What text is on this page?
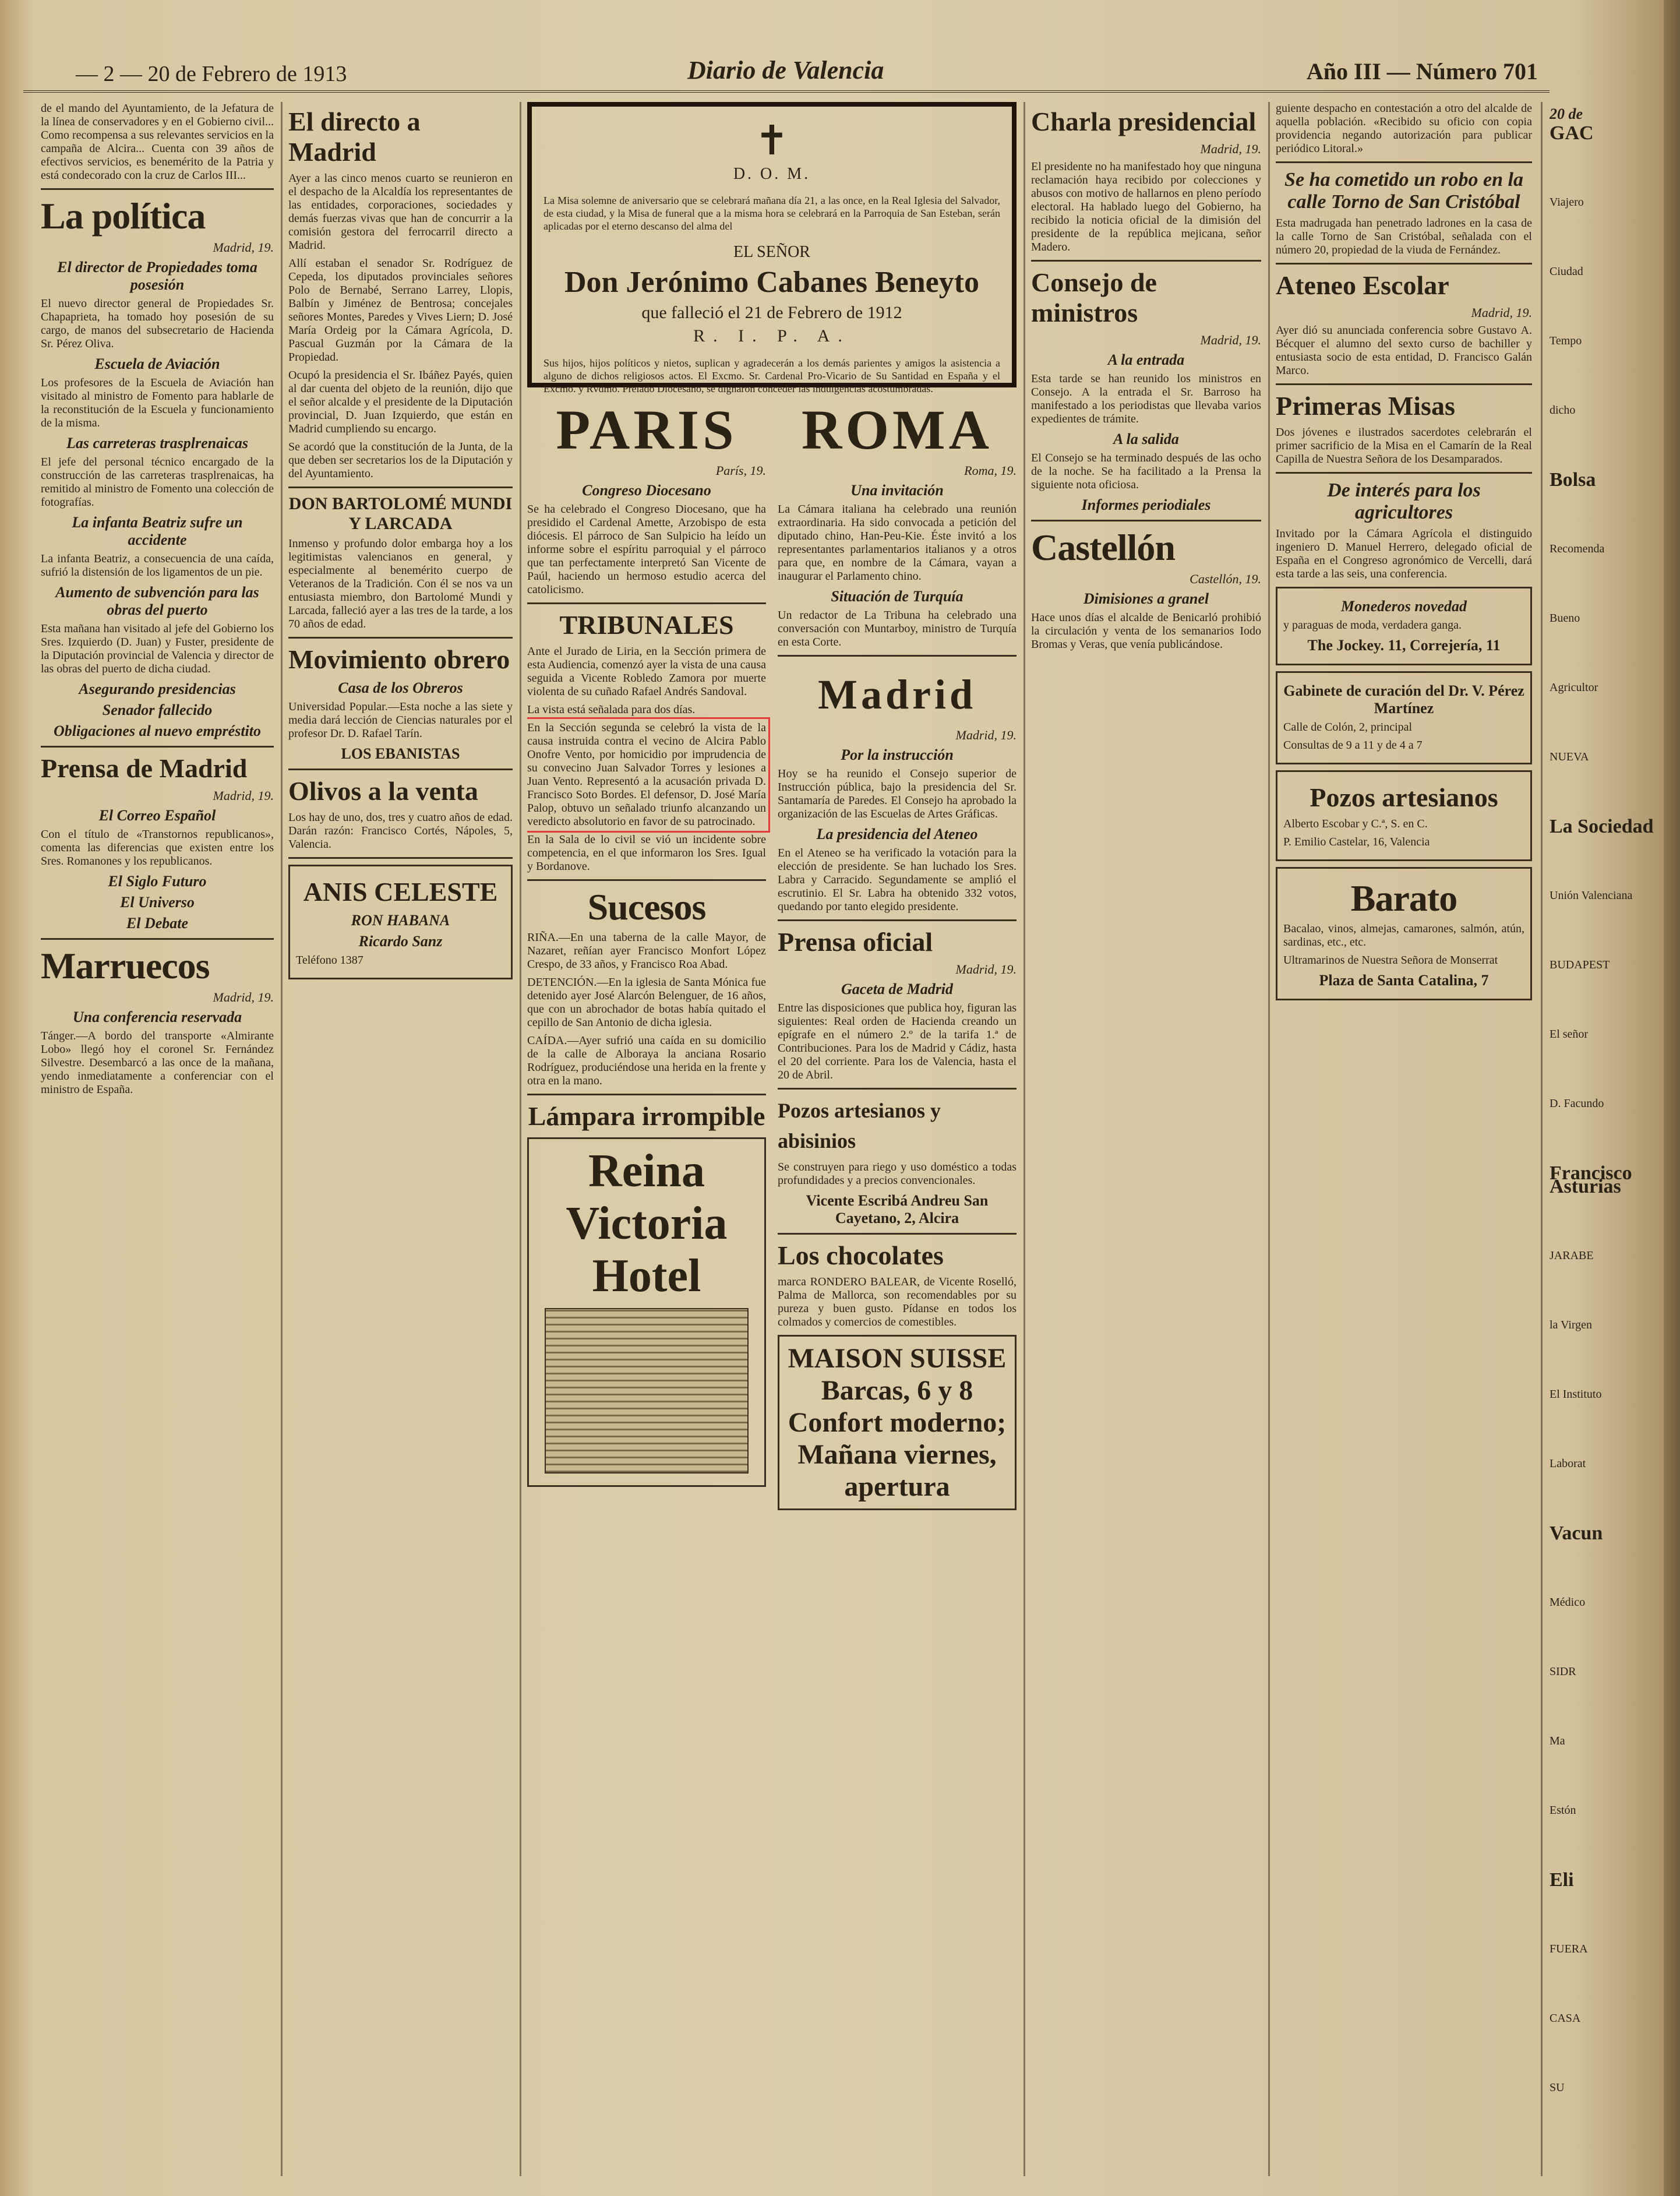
— 2 — 20 de Febrero de 1913	Diario de Valencia	Año III — Número 701

de el mando del Ayuntamiento, de la Jefatura de la línea de conservadores y en el Gobierno civil... Como recompensa a sus relevantes servicios en la campaña de Alcira... Cuenta con 39 años de efectivos servicios, es benemérito de la Patria y está condecorado con la cruz de Carlos III...

La política
Madrid, 19.
El director de Propiedades toma posesión

El nuevo director general de Propiedades Sr. Chapaprieta, ha tomado hoy posesión de su cargo, de manos del subsecretario de Hacienda Sr. Pérez Oliva.

Escuela de Aviación

Los profesores de la Escuela de Aviación han visitado al ministro de Fomento para hablarle de la reconstitución de la Escuela y funcionamiento de la misma.

Las carreteras trasplrenaicas

El jefe del personal técnico encargado de la construcción de las carreteras trasplrenaicas, ha remitido al ministro de Fomento una colección de fotografías.

La infanta Beatriz sufre un accidente

La infanta Beatriz, a consecuencia de una caída, sufrió la distensión de los ligamentos de un pie.

Aumento de subvención para las obras del puerto

Esta mañana han visitado al jefe del Gobierno los Sres. Izquierdo (D. Juan) y Fuster, presidente de la Diputación provincial de Valencia y director de las obras del puerto de dicha ciudad.

Asegurando presidencias
Senador fallecido
Obligaciones al nuevo empréstito
Prensa de Madrid
Madrid, 19.
El Correo Español

Con el título de «Transtornos republicanos», comenta las diferencias que existen entre los Sres. Romanones y los republicanos.

El Siglo Futuro
El Universo
El Debate
Marruecos
Madrid, 19.
Una conferencia reservada

Tánger.—A bordo del transporte «Almirante Lobo» llegó hoy el coronel Sr. Fernández Silvestre. Desembarcó a las once de la mañana, yendo inmediatamente a conferenciar con el ministro de España.

El directo a Madrid

Ayer a las cinco menos cuarto se reunieron en el despacho de la Alcaldía los representantes de las entidades, corporaciones, sociedades y demás fuerzas vivas que han de concurrir a la comisión gestora del ferrocarril directo a Madrid.

Allí estaban el senador Sr. Rodríguez de Cepeda, los diputados provinciales señores Polo de Bernabé, Serrano Larrey, Llopis, Balbín y Jiménez de Bentrosa; concejales señores Montes, Paredes y Vives Liern; D. José María Ordeig por la Cámara Agrícola, D. Pascual Guzmán por la Cámara de la Propiedad.

Ocupó la presidencia el Sr. Ibáñez Payés, quien al dar cuenta del objeto de la reunión, dijo que el señor alcalde y el presidente de la Diputación provincial, D. Juan Izquierdo, que están en Madrid cumpliendo su encargo.

Se acordó que la constitución de la Junta, de la que deben ser secretarios los de la Diputación y del Ayuntamiento.

DON BARTOLOMÉ MUNDI Y LARCADA

Inmenso y profundo dolor embarga hoy a los legitimistas valencianos en general, y especialmente al benemérito cuerpo de Veteranos de la Tradición. Con él se nos va un entusiasta miembro, don Bartolomé Mundi y Larcada, falleció ayer a las tres de la tarde, a los 70 años de edad.

Movimiento obrero
Casa de los Obreros

Universidad Popular.—Esta noche a las siete y media dará lección de Ciencias naturales por el profesor Dr. D. Rafael Tarín.

LOS EBANISTAS
Olivos a la venta

Los hay de uno, dos, tres y cuatro años de edad. Darán razón: Francisco Cortés, Nápoles, 5, Valencia.

ANIS CELESTE
RON HABANA
Ricardo Sanz
Teléfono 1387
✝
D. O. M.

La Misa solemne de aniversario que se celebrará mañana día 21, a las once, en la Real Iglesia del Salvador, de esta ciudad, y la Misa de funeral que a la misma hora se celebrará en la Parroquia de San Esteban, serán aplicadas por el eterno descanso del alma del

EL SEÑOR
Don Jerónimo Cabanes Beneyto
que falleció el 21 de Febrero de 1912
R. I. P. A.

Sus hijos, hijos políticos y nietos, suplican y agradecerán a los demás parientes y amigos la asistencia a alguno de dichos religiosos actos. El Excmo. Sr. Cardenal Pro-Vicario de Su Santidad en España y el Excmo. y Rvdmo. Prelado Diocesano, se dignaron conceder las indulgencias acostumbradas.

PARIS
París, 19.
Congreso Diocesano

Se ha celebrado el Congreso Diocesano, que ha presidido el Cardenal Amette, Arzobispo de esta diócesis. El párroco de San Sulpicio ha leído un informe sobre el espíritu parroquial y el párroco que tan perfectamente interpretó San Vicente de Paúl, haciendo un hermoso estudio acerca del catolicismo.

TRIBUNALES

Ante el Jurado de Liria, en la Sección primera de esta Audiencia, comenzó ayer la vista de una causa seguida a Vicente Robledo Zamora por muerte violenta de su cuñado Rafael Andrés Sandoval.

La vista está señalada para dos días.

En la Sección segunda se celebró la vista de la causa instruida contra el vecino de Alcira Pablo Onofre Vento, por homicidio por imprudencia de su convecino Juan Salvador Torres y lesiones a Juan Vento. Representó a la acusación privada D. Francisco Soto Bordes. El defensor, D. José María Palop, obtuvo un señalado triunfo alcanzando un veredicto absolutorio en favor de su patrocinado.

En la Sala de lo civil se vió un incidente sobre competencia, en el que informaron los Sres. Igual y Bordanove.

Sucesos

RIÑA.—En una taberna de la calle Mayor, de Nazaret, reñían ayer Francisco Monfort López Crespo, de 33 años, y Francisco Roa Abad.

DETENCIÓN.—En la iglesia de Santa Mónica fue detenido ayer José Alarcón Belenguer, de 16 años, que con un abrochador de botas había quitado el cepillo de San Antonio de dicha iglesia.

CAÍDA.—Ayer sufrió una caída en su domicilio de la calle de Alboraya la anciana Rosario Rodríguez, produciéndose una herida en la frente y otra en la mano.

Lámpara irrompible
Reina Victoria
Hotel
ROMA
Roma, 19.
Una invitación

La Cámara italiana ha celebrado una reunión extraordinaria. Ha sido convocada a petición del diputado chino, Han-Peu-Kie. Éste invitó a los representantes parlamentarios italianos y a otros para que, en nombre de la Cámara, vayan a inaugurar el Parlamento chino.

Situación de Turquía

Un redactor de La Tribuna ha celebrado una conversación con Muntarboy, ministro de Turquía en esta Corte.

Madrid
Madrid, 19.
Por la instrucción

Hoy se ha reunido el Consejo superior de Instrucción pública, bajo la presidencia del Sr. Santamaría de Paredes. El Consejo ha aprobado la organización de las Escuelas de Artes Gráficas.

La presidencia del Ateneo

En el Ateneo se ha verificado la votación para la elección de presidente. Se han luchado los Sres. Labra y Carracido. Segundamente se amplió el escrutinio. El Sr. Labra ha obtenido 332 votos, quedando por tanto elegido presidente.

Prensa oficial
Madrid, 19.
Gaceta de Madrid

Entre las disposiciones que publica hoy, figuran las siguientes: Real orden de Hacienda creando un epígrafe en el número 2.º de la tarifa 1.ª de Contribuciones. Para los de Madrid y Cádiz, hasta el 20 del corriente. Para los de Valencia, hasta el 20 de Abril.

Pozos artesianos y abisinios

Se construyen para riego y uso doméstico a todas profundidades y a precios convencionales.

Vicente Escribá Andreu San Cayetano, 2, Alcira
Los chocolates

marca RONDERO BALEAR, de Vicente Roselló, Palma de Mallorca, son recomendables por su pureza y buen gusto. Pídanse en todos los colmados y comercios de comestibles.

MAISON SUISSE
Barcas, 6 y 8
Confort moderno;
Mañana viernes, apertura
Charla presidencial
Madrid, 19.

El presidente no ha manifestado hoy que ninguna reclamación haya recibido por colecciones y abusos con motivo de hallarnos en pleno período electoral. Ha hablado luego del Gobierno, ha recibido la noticia oficial de la dimisión del presidente de la república mejicana, señor Madero.

Consejo de ministros
Madrid, 19.
A la entrada

Esta tarde se han reunido los ministros en Consejo. A la entrada el Sr. Barroso ha manifestado a los periodistas que llevaba varios expedientes de trámite.

A la salida

El Consejo se ha terminado después de las ocho de la noche. Se ha facilitado a la Prensa la siguiente nota oficiosa.

Informes periodiales
Castellón
Castellón, 19.
Dimisiones a granel

Hace unos días el alcalde de Benicarló prohibió la circulación y venta de los semanarios Iodo Bromas y Veras, que venía publicándose.

guiente despacho en contestación a otro del alcalde de aquella población. «Recibido su oficio con copia providencia negando autorización para publicar periódico Litoral.»

Se ha cometido un robo en la calle Torno de San Cristóbal

Esta madrugada han penetrado ladrones en la casa de la calle Torno de San Cristóbal, señalada con el número 20, propiedad de la viuda de Fernández.

Ateneo Escolar
Madrid, 19.

Ayer dió su anunciada conferencia sobre Gustavo A. Bécquer el alumno del sexto curso de bachiller y entusiasta socio de esta entidad, D. Francisco Galán Marco.

Primeras Misas

Dos jóvenes e ilustrados sacerdotes celebrarán el primer sacrificio de la Misa en el Camarín de la Real Capilla de Nuestra Señora de los Desamparados.

De interés para los agricultores

Invitado por la Cámara Agrícola el distinguido ingeniero D. Manuel Herrero, delegado oficial de España en el Congreso agronómico de Vercelli, dará esta tarde a las seis, una conferencia.

Monederos novedad
y paraguas de moda, verdadera ganga.
The Jockey. 11, Correjería, 11
Gabinete de curación del Dr. V. Pérez Martínez
Calle de Colón, 2, principal
Consultas de 9 a 11 y de 4 a 7
Pozos artesianos
Alberto Escobar y C.ª, S. en C.
P. Emilio Castelar, 16, Valencia
Barato
Bacalao, vinos, almejas, camarones, salmón, atún, sardinas, etc., etc.
Ultramarinos de Nuestra Señora de Monserrat
Plaza de Santa Catalina, 7
20 de
GAC
Viajero
Ciudad
Tempo
dicho
Bolsa
Recomenda
Bueno
Agricultor
NUEVA
La Sociedad
Unión Valenciana
BUDAPEST
El señor
D. Facundo
Francisco Asturias
JARABE
la Virgen
El Instituto
Laborat
Vacun
Médico
SIDR
Ma
Estón
Eli
FUERA
CASA
SU
